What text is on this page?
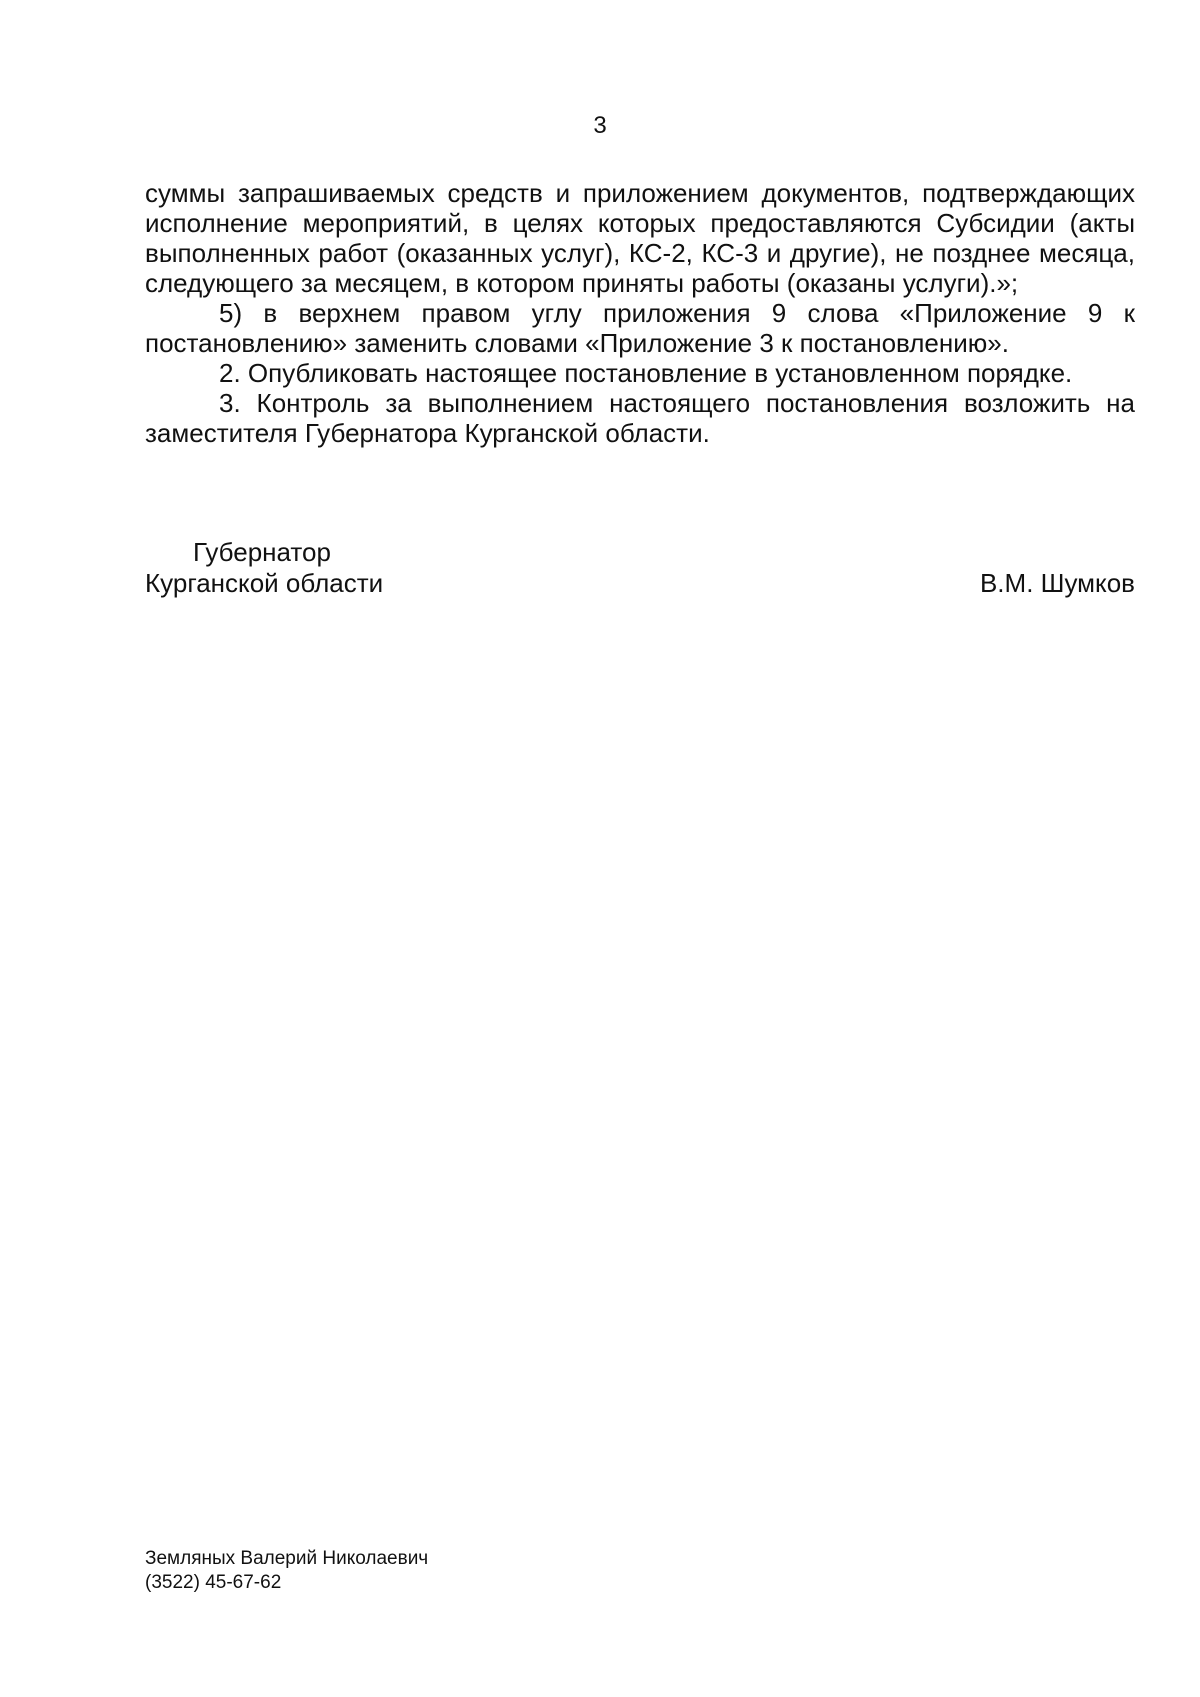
3

суммы запрашиваемых средств и приложением документов, подтверждающих исполнение мероприятий, в целях которых предоставляются Субсидии (акты выполненных работ (оказанных услуг), КС-2, КС-3 и другие), не позднее месяца, следующего за месяцем, в котором приняты работы (оказаны услуги).»;

5) в верхнем правом углу приложения 9 слова «Приложение 9 к постановлению» заменить словами «Приложение 3 к постановлению».

2. Опубликовать настоящее постановление в установленном порядке.

3. Контроль за выполнением настоящего постановления возложить на заместителя Губернатора Курганской области.

Губернатор
Курганской области	В.М. Шумков
Земляных Валерий Николаевич
(3522) 45-67-62
